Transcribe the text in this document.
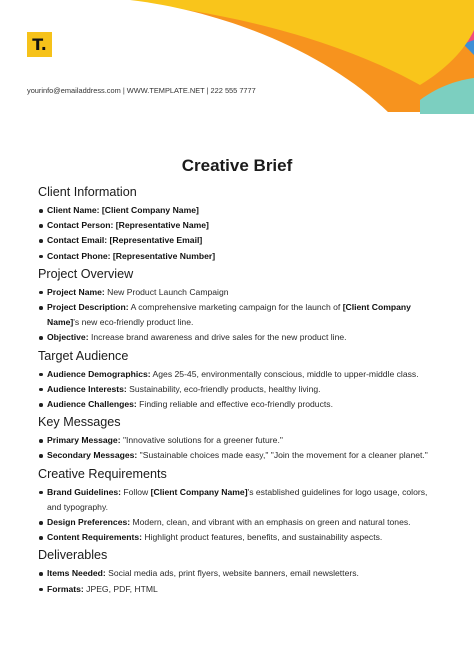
T.
yourinfo@emailaddress.com | WWW.TEMPLATE.NET | 222 555 7777
Creative Brief
Client Information
Client Name: [Client Company Name]
Contact Person: [Representative Name]
Contact Email: [Representative Email]
Contact Phone: [Representative Number]
Project Overview
Project Name: New Product Launch Campaign
Project Description: A comprehensive marketing campaign for the launch of [Client Company Name]'s new eco-friendly product line.
Objective: Increase brand awareness and drive sales for the new product line.
Target Audience
Audience Demographics: Ages 25-45, environmentally conscious, middle to upper-middle class.
Audience Interests: Sustainability, eco-friendly products, healthy living.
Audience Challenges: Finding reliable and effective eco-friendly products.
Key Messages
Primary Message: "Innovative solutions for a greener future."
Secondary Messages: "Sustainable choices made easy," "Join the movement for a cleaner planet."
Creative Requirements
Brand Guidelines: Follow [Client Company Name]'s established guidelines for logo usage, colors, and typography.
Design Preferences: Modern, clean, and vibrant with an emphasis on green and natural tones.
Content Requirements: Highlight product features, benefits, and sustainability aspects.
Deliverables
Items Needed: Social media ads, print flyers, website banners, email newsletters.
Formats: JPEG, PDF, HTML
